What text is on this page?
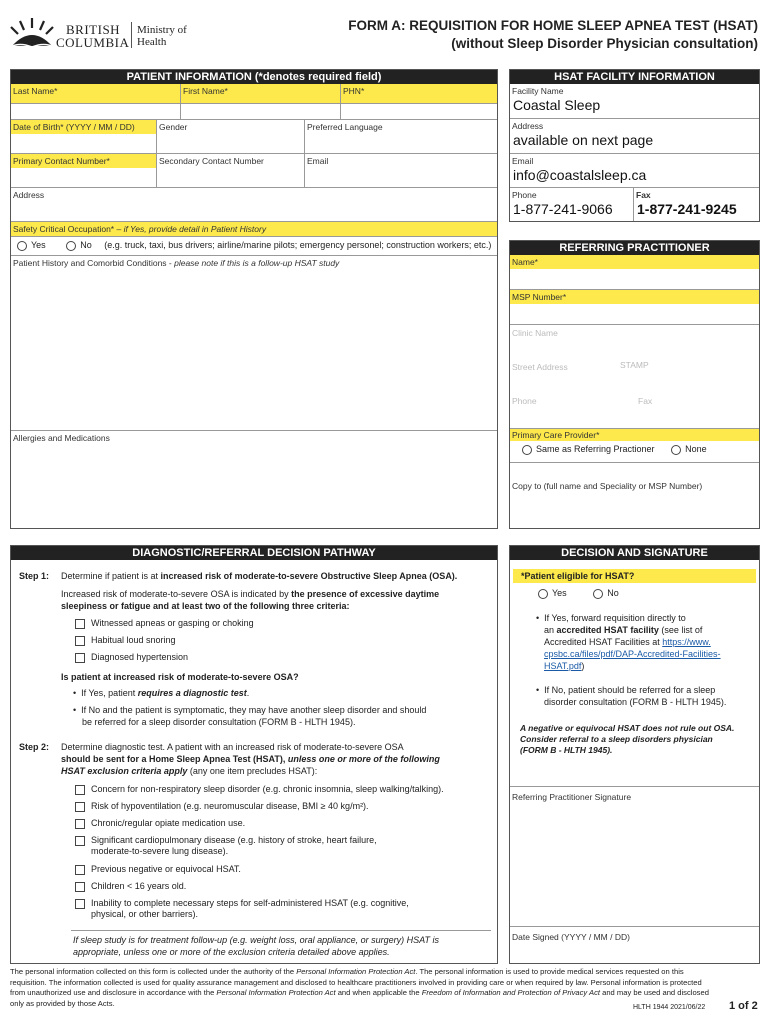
BRITISH
COLUMBIA
Ministry of
Health
FORM A: REQUISITION FOR HOME SLEEP APNEA TEST (HSAT)
(without Sleep Disorder Physician consultation)
PATIENT INFORMATION (*denotes required field)
Last Name*	First Name*	PHN*
Date of Birth* (YYYY / MM / DD)	Gender	Preferred Language
Primary Contact Number*	Secondary Contact Number	Email
Address
Safety Critical Occupation* – if Yes, provide detail in Patient History
Yes	No (e.g. truck, taxi, bus drivers; airline/marine pilots; emergency personel; construction workers; etc.)
Patient History and Comorbid Conditions - please note if this is a follow-up HSAT study
Allergies and Medications
HSAT FACILITY INFORMATION
Facility Name
Coastal Sleep
Address
available on next page
Email
info@coastalsleep.ca
Phone
1-877-241-9066
Fax
1-877-241-9245
REFERRING PRACTITIONER
Name*
MSP Number*
Clinic Name
Street Address	STAMP
Phone	Fax
Primary Care Provider*
Same as Referring Practioner	None
Copy to (full name and Speciality or MSP Number)
DIAGNOSTIC/REFERRAL DECISION PATHWAY
Step 1: Determine if patient is at increased risk of moderate-to-severe Obstructive Sleep Apnea (OSA).
Increased risk of moderate-to-severe OSA is indicated by the presence of excessive daytime
sleepiness or fatigue and at least two of the following three criteria:
Witnessed apneas or gasping or choking
Habitual loud snoring
Diagnosed hypertension
Is patient at increased risk of moderate-to-severe OSA?
•  If Yes, patient requires a diagnostic test.
•  If No and the patient is symptomatic, they may have another sleep disorder and should
be referred for a sleep disorder consultation (FORM B - HLTH 1945).
Step 2: Determine diagnostic test. A patient with an increased risk of moderate-to-severe OSA
should be sent for a Home Sleep Apnea Test (HSAT), unless one or more of the following
HSAT exclusion criteria apply (any one item precludes HSAT):
Concern for non-respiratory sleep disorder (e.g. chronic insomnia, sleep walking/talking).
Risk of hypoventilation (e.g. neuromuscular disease, BMI ≥ 40 kg/m²).
Chronic/regular opiate medication use.
Significant cardiopulmonary disease (e.g. history of stroke, heart failure,
moderate-to-severe lung disease).
Previous negative or equivocal HSAT.
Children < 16 years old.
Inability to complete necessary steps for self-administered HSAT (e.g. cognitive,
physical, or other barriers).
If sleep study is for treatment follow-up (e.g. weight loss, oral appliance, or surgery) HSAT is
appropriate, unless one or more of the exclusion criteria detailed above applies.
DECISION AND SIGNATURE
*Patient eligible for HSAT?
Yes	No
•  If Yes, forward requisition directly to
an accredited HSAT facility (see list of
Accredited HSAT Facilities at https://www.
cpsbc.ca/files/pdf/DAP-Accredited-Facilities-
HSAT.pdf)
•  If No, patient should be referred for a sleep
disorder consultation (FORM B - HLTH 1945).
A negative or equivocal HSAT does not rule out OSA.
Consider referral to a sleep disorders physician
(FORM B - HLTH 1945).
Referring Practitioner Signature
Date Signed (YYYY / MM / DD)
The personal information collected on this form is collected under the authority of the Personal Information Protection Act. The personal information is used to provide medical services requested on this
requisition. The information collected is used for quality assurance management and disclosed to healthcare practitioners involved in providing care or when required by law. Personal information is protected
from unauthorized use and disclosure in accordance with the Personal Information Protection Act and when applicable the Freedom of Information and Protection of Privacy Act and may be used and disclosed
only as provided by those Acts.	HLTH 1944 2021/06/22 1 of 2
